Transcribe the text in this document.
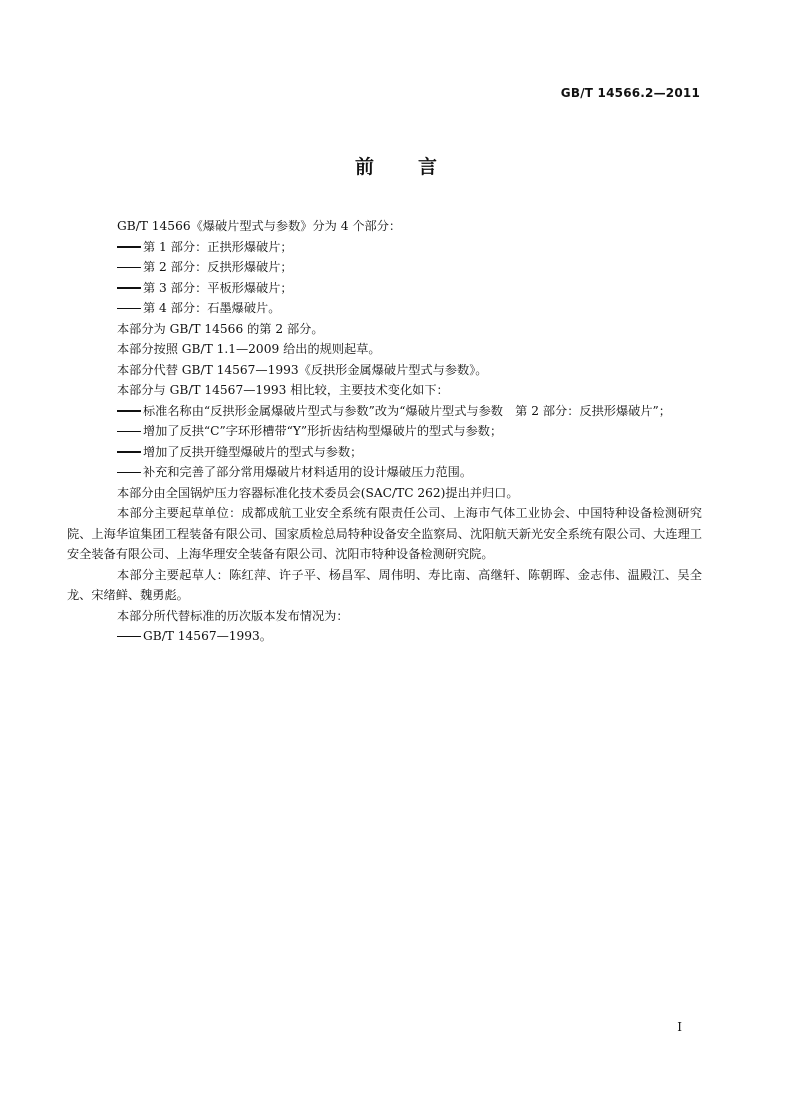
GB/T 14566.2—2011
前 言

GB/T 14566《爆破片型式与参数》分为 4 个部分：

第 1 部分：正拱形爆破片；

第 2 部分：反拱形爆破片；

第 3 部分：平板形爆破片；

第 4 部分：石墨爆破片。

本部分为 GB/T 14566 的第 2 部分。

本部分按照 GB/T 1.1—2009 给出的规则起草。

本部分代替 GB/T 14567—1993《反拱形金属爆破片型式与参数》。

本部分与 GB/T 14567—1993 相比较，主要技术变化如下：

标准名称由“反拱形金属爆破片型式与参数”改为“爆破片型式与参数　第 2 部分：反拱形爆破片”；

增加了反拱“C”字环形槽带“Y”形折齿结构型爆破片的型式与参数；

增加了反拱开缝型爆破片的型式与参数；

补充和完善了部分常用爆破片材料适用的设计爆破压力范围。

本部分由全国锅炉压力容器标准化技术委员会(SAC/TC 262)提出并归口。

本部分主要起草单位：成都成航工业安全系统有限责任公司、上海市气体工业协会、中国特种设备检测研究院、上海华谊集团工程装备有限公司、国家质检总局特种设备安全监察局、沈阳航天新光安全系统有限公司、大连理工安全装备有限公司、上海华理安全装备有限公司、沈阳市特种设备检测研究院。

本部分主要起草人：陈红萍、许子平、杨昌军、周伟明、寿比南、高继轩、陈朝晖、金志伟、温殿江、吴全龙、宋绪鲜、魏勇彪。

本部分所代替标准的历次版本发布情况为：

GB/T 14567—1993。

I
